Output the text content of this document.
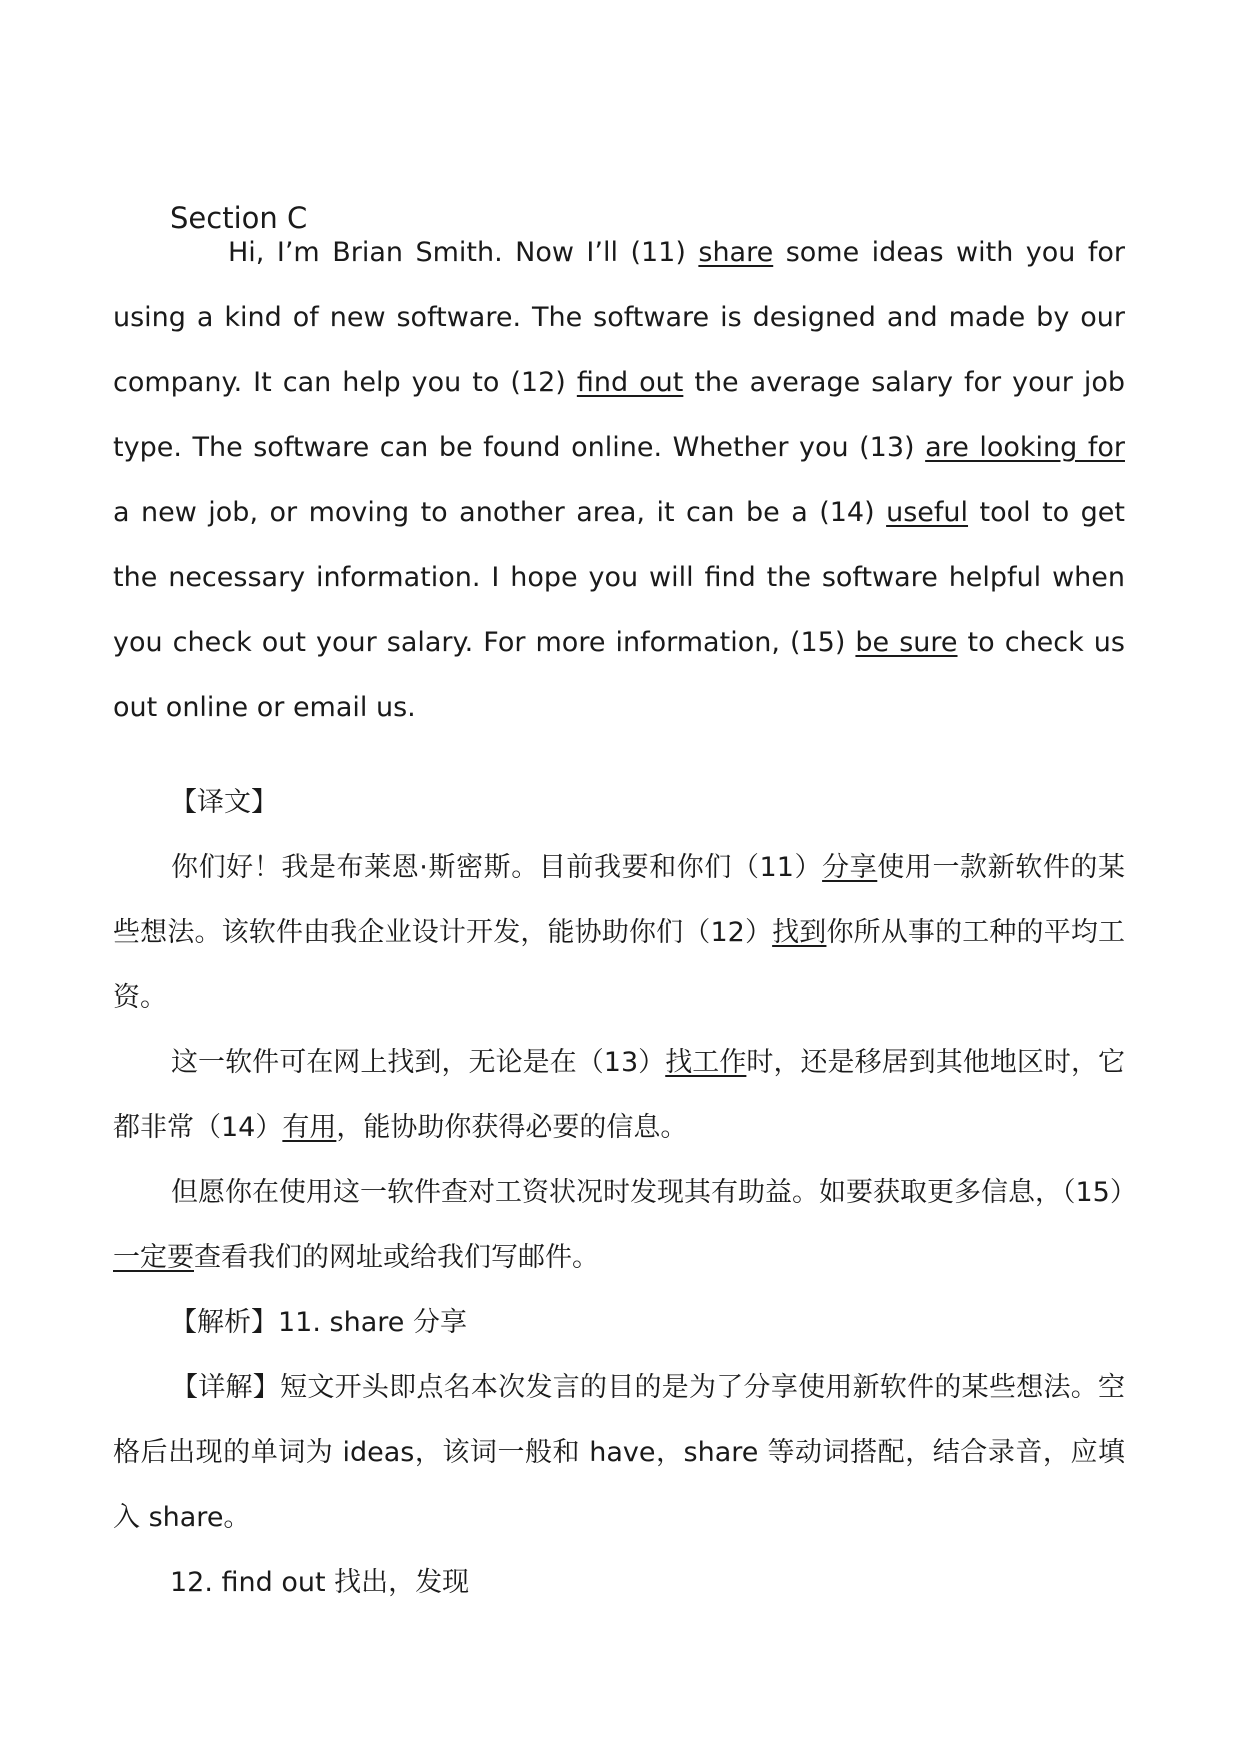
Section C

Hi, I’m Brian Smith. Now I’ll (11) share some ideas with you for using a kind of new software. The software is designed and made by our company. It can help you to (12) find out the average salary for your job type. The software can be found online. Whether you (13) are looking for a new job, or moving to another area, it can be a (14) useful tool to get the necessary information. I hope you will find the software helpful when you check out your salary. For more information, (15) be sure to check us out online or email us.

【译文】

你们好！我是布莱恩·斯密斯。目前我要和你们（11）分享使用一款新软件的某些想法。该软件由我企业设计开发，能协助你们（12）找到你所从事的工种的平均工资。

这一软件可在网上找到，无论是在（13）找工作时，还是移居到其他地区时，它都非常（14）有用，能协助你获得必要的信息。

但愿你在使用这一软件查对工资状况时发现其有助益。如要获取更多信息，（15）一定要查看我们的网址或给我们写邮件。

【解析】11. share 分享

【详解】短文开头即点名本次发言的目的是为了分享使用新软件的某些想法。空格后出现的单词为 ideas，该词一般和 have，share 等动词搭配，结合录音，应填入 share。

12. find out 找出，发现
